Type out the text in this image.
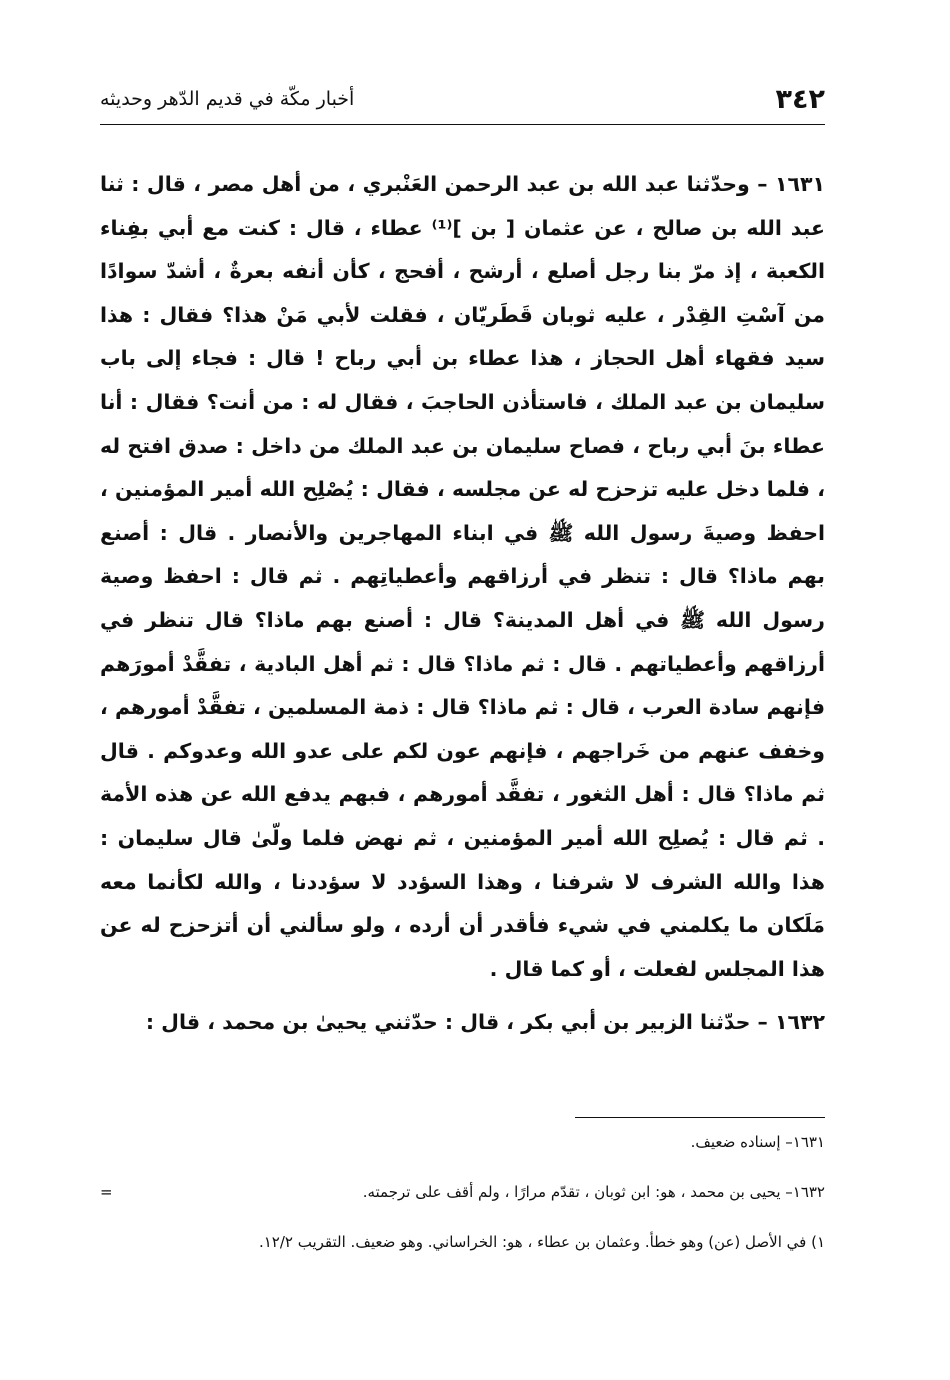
٣٤٢
أخبار مكّة في قديم الدّهر وحديثه

١٦٣١ – وحدّثنا عبد الله بن عبد الرحمن العَنْبري ، من أهل مصر ، قال : ثنا عبد الله بن صالح ، عن عثمان [ بن ]⁽¹⁾ عطاء ، قال : كنت مع أبي بفِناء الكعبة ، إذ مرّ بنا رجل أصلع ، أرشح ، أفحج ، كأن أنفه بعرةٌ ، أشدّ سوادًا من آسْتِ القِدْر ، عليه ثوبان قَطَريّان ، فقلت لأبي مَنْ هذا؟ فقال : هذا سيد فقهاء أهل الحجاز ، هذا عطاء بن أبي رباح ! قال : فجاء إلى باب سليمان بن عبد الملك ، فاستأذن الحاجبَ ، فقال له : من أنت؟ فقال : أنا عطاء بنَ أبي رباح ، فصاح سليمان بن عبد الملك من داخل : صدق افتح له ، فلما دخل عليه تزحزح له عن مجلسه ، فقال : يُصْلِح الله أمير المؤمنين ، احفظ وصيةَ رسول الله ﷺ في ابناء المهاجرين والأنصار . قال : أصنع بهم ماذا؟ قال : تنظر في أرزاقهم وأعطياتِهم . ثم قال : احفظ وصية رسول الله ﷺ في أهل المدينة؟ قال : أصنع بهم ماذا؟ قال تنظر في أرزاقهم وأعطياتهم . قال : ثم ماذا؟ قال : ثم أهل البادية ، تفقَّدْ أمورَهم فإنهم سادة العرب ، قال : ثم ماذا؟ قال : ذمة المسلمين ، تفقَّدْ أمورهم ، وخفف عنهم من خَراجهم ، فإنهم عون لكم على عدو الله وعدوكم . قال ثم ماذا؟ قال : أهل الثغور ، تفقَّد أمورهم ، فبهم يدفع الله عن هذه الأمة . ثم قال : يُصلِح الله أمير المؤمنين ، ثم نهض فلما ولّىٰ قال سليمان : هذا والله الشرف لا شرفنا ، وهذا السؤدد لا سؤددنا ، والله لكأنما معه مَلَكان ما يكلمني في شيء فأقدر أن أرده ، ولو سألني أن أتزحزح له عن هذا المجلس لفعلت ، أو كما قال .

١٦٣٢ – حدّثنا الزبير بن أبي بكر ، قال : حدّثني يحيىٰ بن محمد ، قال :

١٦٣١– إسناده ضعيف.
١٦٣٢– يحيى بن محمد ، هو: ابن ثوبان ، تقدّم مرارًا ، ولم أقف على ترجمته.
=
١) في الأصل (عن) وهو خطأ. وعثمان بن عطاء ، هو: الخراساني. وهو ضعيف. التقريب ١٢/٢.
